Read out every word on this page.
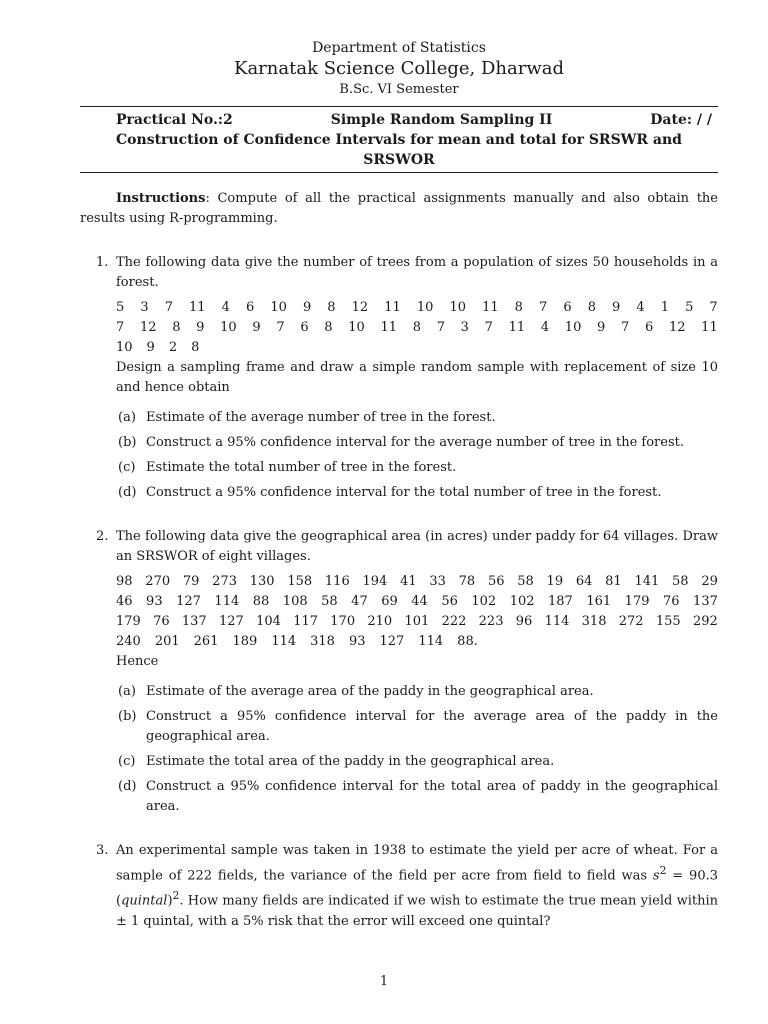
Department of Statistics
Karnatak Science College, Dharwad
B.Sc. VI Semester
Practical No.:2	Simple Random Sampling II	Date: / /
Construction of Confidence Intervals for mean and total for SRSWR and SRSWOR
Instructions: Compute of all the practical assignments manually and also obtain the results using R-programming.
1. The following data give the number of trees from a population of sizes 50 households in a forest.
5 3 7 11 4 6 10 9 8 12 11 10 10 11 8 7 6 8 9 4 1 5 7
7 12 8 9 10 9 7 6 8 10 11 8 7 3 7 11 4 10 9 7 6 12 11
10 9 2 8
Design a sampling frame and draw a simple random sample with replacement of size 10 and hence obtain
(a) Estimate of the average number of tree in the forest.
(b) Construct a 95% confidence interval for the average number of tree in the forest.
(c) Estimate the total number of tree in the forest.
(d) Construct a 95% confidence interval for the total number of tree in the forest.
2. The following data give the geographical area (in acres) under paddy for 64 villages. Draw an SRSWOR of eight villages.
98 270 79 273 130 158 116 194 41 33 78 56 58 19 64 81 141 58 29
46 93 127 114 88 108 58 47 69 44 56 102 102 187 161 179 76 137
179 76 137 127 104 117 170 210 101 222 223 96 114 318 272 155 292
240 201 261 189 114 318 93 127 114 88.
Hence
(a) Estimate of the average area of the paddy in the geographical area.
(b) Construct a 95% confidence interval for the average area of the paddy in the geographical area.
(c) Estimate the total area of the paddy in the geographical area.
(d) Construct a 95% confidence interval for the total area of paddy in the geographical area.
3. An experimental sample was taken in 1938 to estimate the yield per acre of wheat. For a sample of 222 fields, the variance of the field per acre from field to field was $s^2 = 90.3$ (quintal)$^2$. How many fields are indicated if we wish to estimate the true mean yield within ± 1 quintal, with a 5% risk that the error will exceed one quintal?
1
